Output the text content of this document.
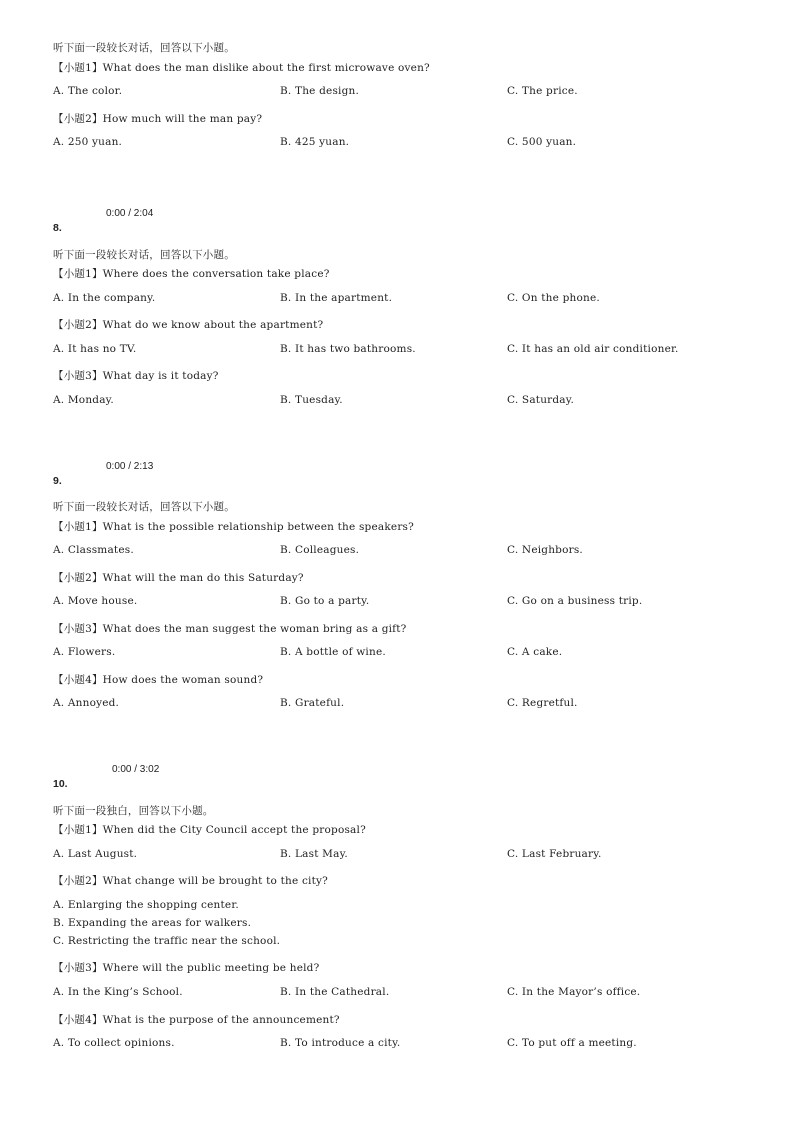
听下面一段较长对话，回答以下小题。
【小题1】What does the man dislike about the first microwave oven?
A. The color.	B. The design.	C. The price.
【小题2】How much will the man pay?
A. 250 yuan.	B. 425 yuan.	C. 500 yuan.
0:00 / 2:04
8.
听下面一段较长对话，回答以下小题。
【小题1】Where does the conversation take place?
A. In the company.	B. In the apartment.	C. On the phone.
【小题2】What do we know about the apartment?
A. It has no TV.	B. It has two bathrooms.	C. It has an old air conditioner.
【小题3】What day is it today?
A. Monday.	B. Tuesday.	C. Saturday.
0:00 / 2:13
9.
听下面一段较长对话，回答以下小题。
【小题1】What is the possible relationship between the speakers?
A. Classmates.	B. Colleagues.	C. Neighbors.
【小题2】What will the man do this Saturday?
A. Move house.	B. Go to a party.	C. Go on a business trip.
【小题3】What does the man suggest the woman bring as a gift?
A. Flowers.	B. A bottle of wine.	C. A cake.
【小题4】How does the woman sound?
A. Annoyed.	B. Grateful.	C. Regretful.
0:00 / 3:02
10.
听下面一段独白，回答以下小题。
【小题1】When did the City Council accept the proposal?
A. Last August.	B. Last May.	C. Last February.
【小题2】What change will be brought to the city?
A. Enlarging the shopping center.
B. Expanding the areas for walkers.
C. Restricting the traffic near the school.
【小题3】Where will the public meeting be held?
A. In the King’s School.	B. In the Cathedral.	C. In the Mayor’s office.
【小题4】What is the purpose of the announcement?
A. To collect opinions.	B. To introduce a city.	C. To put off a meeting.
